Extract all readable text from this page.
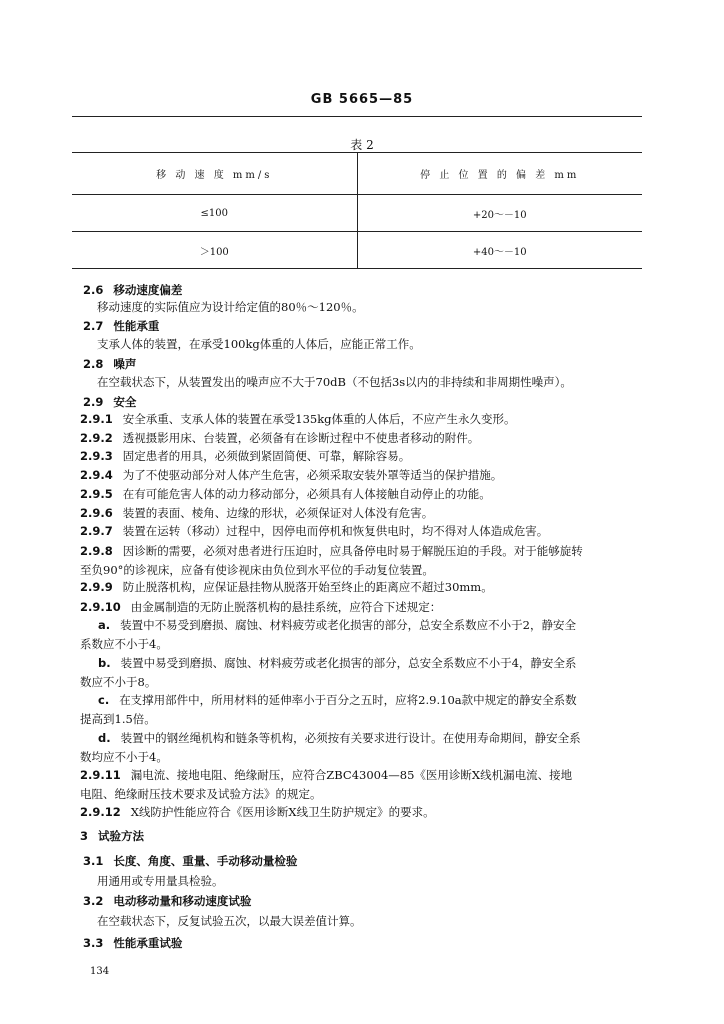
GB 5665—85
表 2
移 动 速 度 mm/s	停 止 位 置 的 偏 差 mm
≤100	+20～－10
＞100	+40～－10
2.6 移动速度偏差
移动速度的实际值应为设计给定值的80％～120％。
2.7 性能承重
支承人体的装置，在承受100kg体重的人体后，应能正常工作。
2.8 噪声
在空载状态下，从装置发出的噪声应不大于70dB（不包括3s以内的非持续和非周期性噪声）。
2.9 安全
2.9.1 安全承重、支承人体的装置在承受135kg体重的人体后，不应产生永久变形。
2.9.2 透视摄影用床、台装置，必须备有在诊断过程中不使患者移动的附件。
2.9.3 固定患者的用具，必须做到紧固简便、可靠，解除容易。
2.9.4 为了不使驱动部分对人体产生危害，必须采取安装外罩等适当的保护措施。
2.9.5 在有可能危害人体的动力移动部分，必须具有人体接触自动停止的功能。
2.9.6 装置的表面、棱角、边缘的形状，必须保证对人体没有危害。
2.9.7 装置在运转（移动）过程中，因停电而停机和恢复供电时，均不得对人体造成危害。
2.9.8 因诊断的需要，必须对患者进行压迫时，应具备停电时易于解脱压迫的手段。对于能够旋转
至负90°的诊视床，应备有使诊视床由负位到水平位的手动复位装置。
2.9.9 防止脱落机构，应保证悬挂物从脱落开始至终止的距离应不超过30mm。
2.9.10 由金属制造的无防止脱落机构的悬挂系统，应符合下述规定：
a. 装置中不易受到磨损、腐蚀、材料疲劳或老化损害的部分，总安全系数应不小于2，静安全
系数应不小于4。
b. 装置中易受到磨损、腐蚀、材料疲劳或老化损害的部分，总安全系数应不小于4，静安全系
数应不小于8。
c. 在支撑用部件中，所用材料的延伸率小于百分之五时，应将2.9.10a款中规定的静安全系数
提高到1.5倍。
d. 装置中的钢丝绳机构和链条等机构，必须按有关要求进行设计。在使用寿命期间，静安全系
数均应不小于4。
2.9.11 漏电流、接地电阻、绝缘耐压，应符合ZBC43004—85《医用诊断X线机漏电流、接地
电阻、绝缘耐压技术要求及试验方法》的规定。
2.9.12 X线防护性能应符合《医用诊断X线卫生防护规定》的要求。
3 试验方法
3.1 长度、角度、重量、手动移动量检验
用通用或专用量具检验。
3.2 电动移动量和移动速度试验
在空载状态下，反复试验五次，以最大误差值计算。
3.3 性能承重试验
134
